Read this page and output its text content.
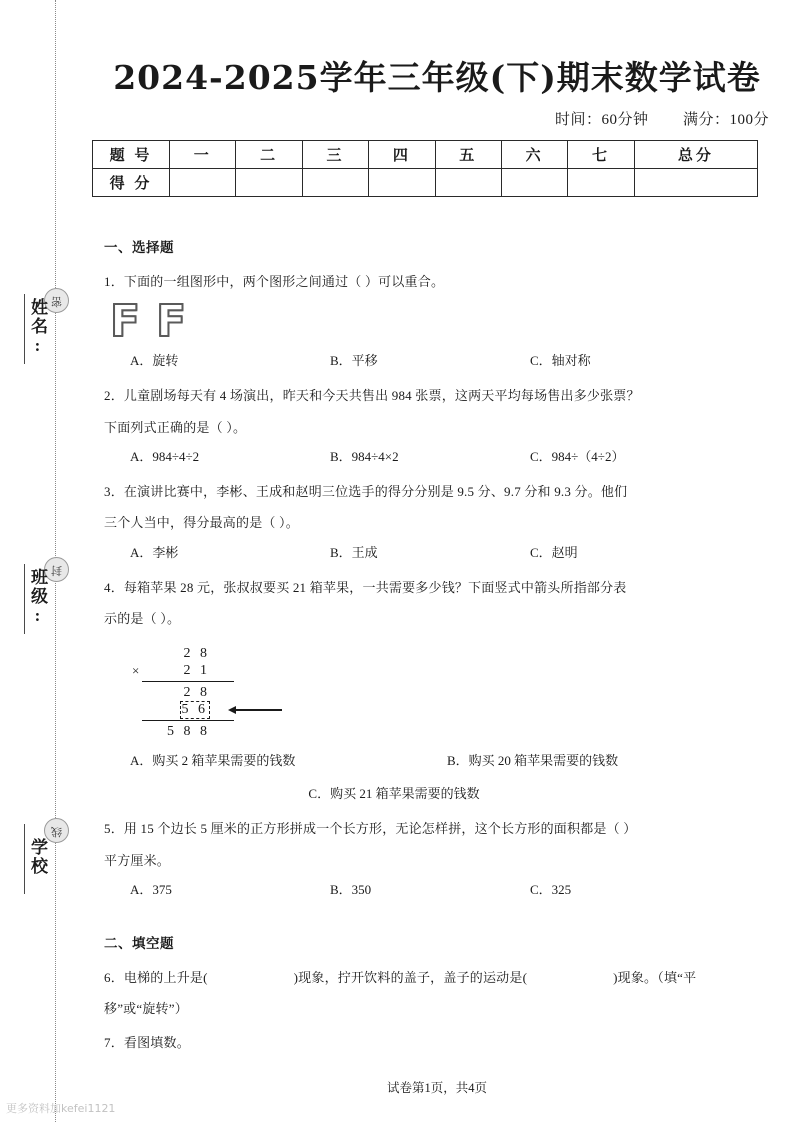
密
封
线
姓名:
班级:
学校
2024-2025学年三年级(下)期末数学试卷
时间：60分钟 满分：100分
题 号	一	二	三	四	五	六	七	总分
得 分								
一、选择题
1．下面的一组图形中，两个图形之间通过（ ）可以重合。
F F
A．旋转	B．平移	C．轴对称
2．儿童剧场每天有 4 场演出，昨天和今天共售出 984 张票，这两天平均每场售出多少张票？
下面列式正确的是（ ）。
A．984÷4÷2	B．984÷4×2	C．984÷（4÷2）
3．在演讲比赛中，李彬、王成和赵明三位选手的得分分别是 9.5 分、9.7 分和 9.3 分。他们
三个人当中，得分最高的是（ ）。
A．李彬	B．王成	C．赵明
4．每箱苹果 28 元，张叔叔要买 21 箱苹果，一共需要多少钱？下面竖式中箭头所指部分表
示的是（ ）。
2 8
×	2 1
2 8
5 6
5 8 8
A．购买 2 箱苹果需要的钱数	B．购买 20 箱苹果需要的钱数
C．购买 21 箱苹果需要的钱数
5．用 15 个边长 5 厘米的正方形拼成一个长方形，无论怎样拼，这个长方形的面积都是（ ）
平方厘米。
A．375	B．350	C．325
二、填空题
6．电梯的上升是(	)现象，拧开饮料的盖子，盖子的运动是(	)现象。（填“平
移”或“旋转”）
7．看图填数。
试卷第1页，共4页
更多资料加kefei1121
